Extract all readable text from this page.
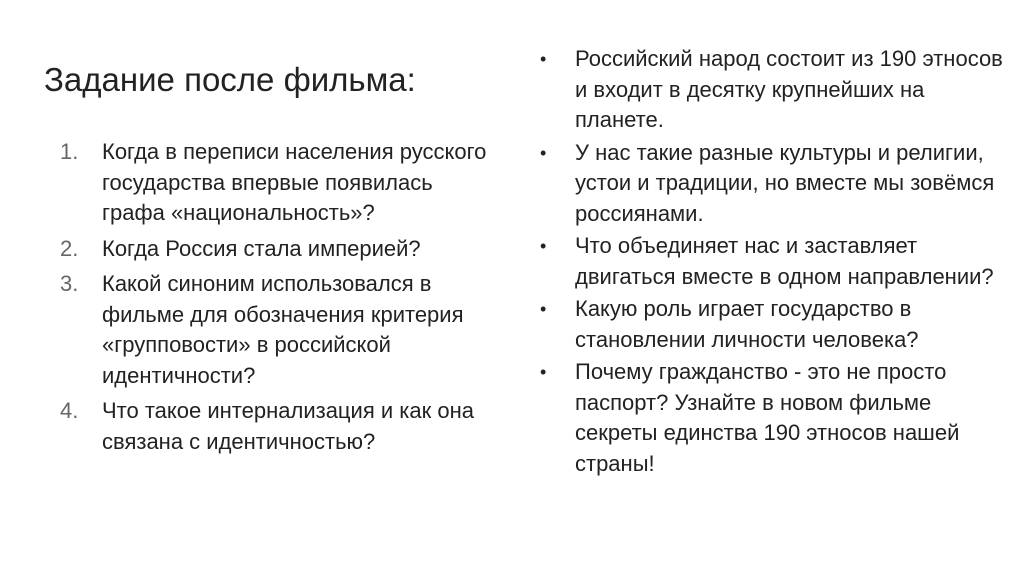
Задание после фильма:
1. Когда в переписи населения русского государства впервые появилась графа «национальность»?
2. Когда Россия стала империей?
3. Какой синоним использовался в фильме для обозначения критерия «групповости» в российской идентичности?
4. Что такое интернализация и как она связана с идентичностью?
• Российский народ состоит из 190 этносов и входит в десятку крупнейших на планете.
• У нас такие разные культуры и религии, устои и традиции, но вместе мы зовёмся россиянами.
• Что объединяет нас и заставляет двигаться вместе в одном направлении?
• Какую роль играет государство в становлении личности человека?
• Почему гражданство - это не просто паспорт? Узнайте в новом фильме секреты единства 190 этносов нашей страны!
